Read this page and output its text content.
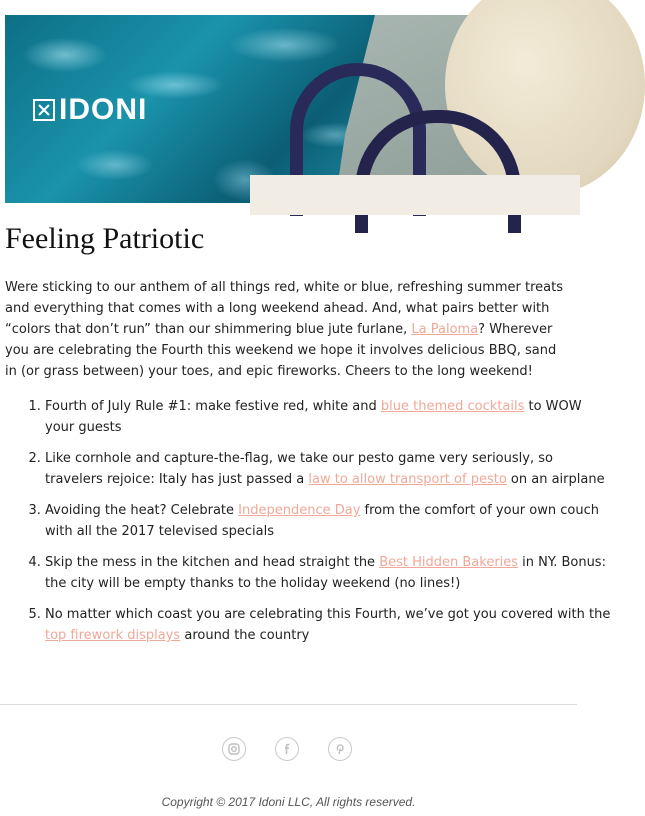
IDONI
Feeling Patriotic

Were sticking to our anthem of all things red, white or blue, refreshing summer treats and everything that comes with a long weekend ahead. And, what pairs better with “colors that don’t run” than our shimmering blue jute furlane, La Paloma? Wherever you are celebrating the Fourth this weekend we hope it involves delicious BBQ, sand in (or grass between) your toes, and epic fireworks. Cheers to the long weekend!

1. Fourth of July Rule #1: make festive red, white and blue themed cocktails to WOW your guests
2. Like cornhole and capture-the-flag, we take our pesto game very seriously, so travelers rejoice: Italy has just passed a law to allow transport of pesto on an airplane
3. Avoiding the heat? Celebrate Independence Day from the comfort of your own couch with all the 2017 televised specials
4. Skip the mess in the kitchen and head straight the Best Hidden Bakeries in NY. Bonus: the city will be empty thanks to the holiday weekend (no lines!)
5. No matter which coast you are celebrating this Fourth, we’ve got you covered with the top firework displays around the country

Copyright © 2017 Idoni LLC, All rights reserved.
